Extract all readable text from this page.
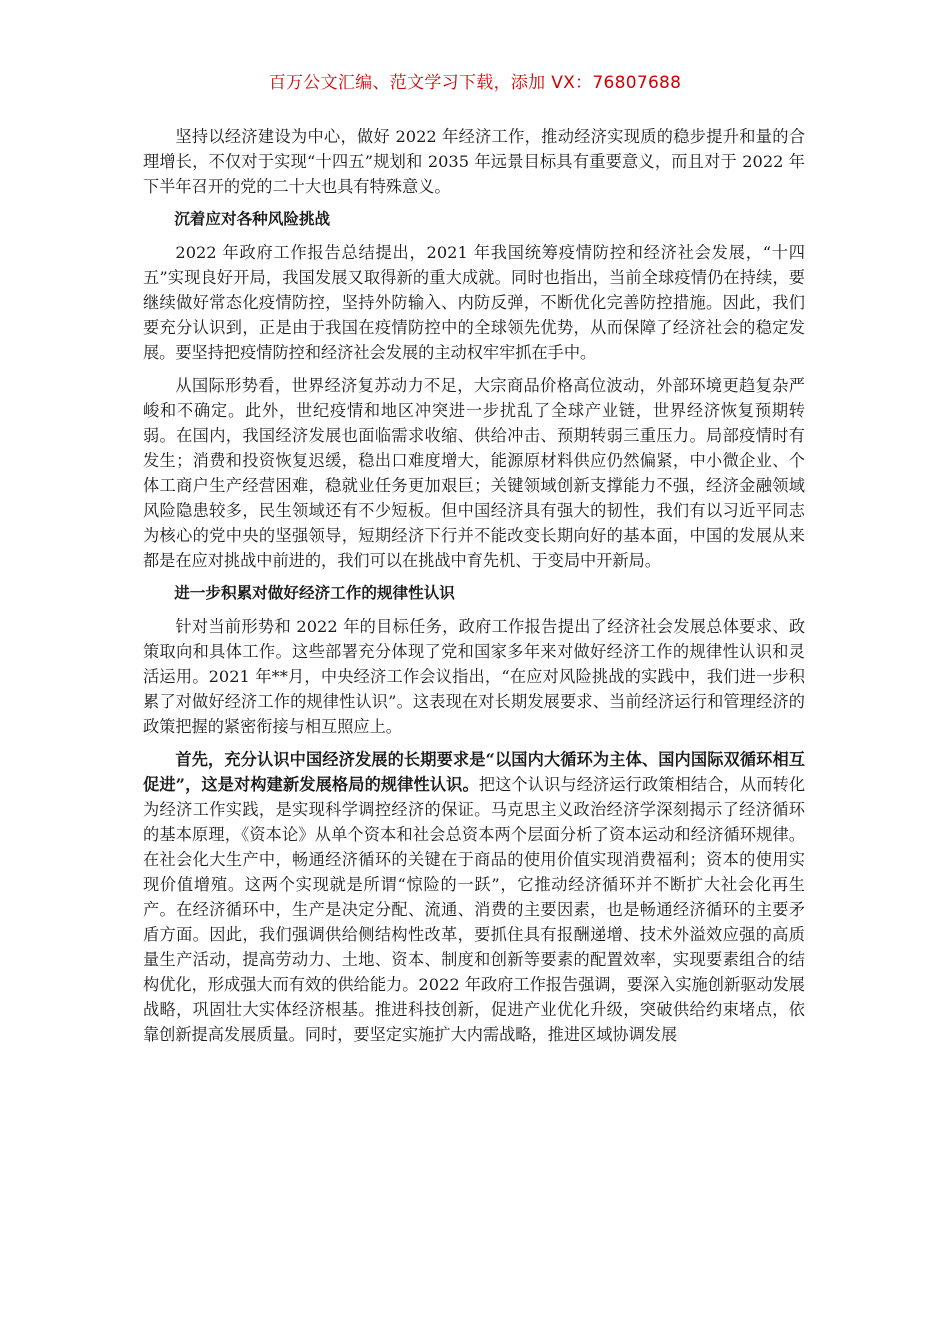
百万公文汇编、范文学习下载，添加 VX：76807688

坚持以经济建设为中心，做好 2022 年经济工作，推动经济实现质的稳步提升和量的合理增长，不仅对于实现“十四五”规划和 2035 年远景目标具有重要意义，而且对于 2022 年下半年召开的党的二十大也具有特殊意义。

沉着应对各种风险挑战

2022 年政府工作报告总结提出，2021 年我国统筹疫情防控和经济社会发展，“十四五”实现良好开局，我国发展又取得新的重大成就。同时也指出，当前全球疫情仍在持续，要继续做好常态化疫情防控，坚持外防输入、内防反弹，不断优化完善防控措施。因此，我们要充分认识到，正是由于我国在疫情防控中的全球领先优势，从而保障了经济社会的稳定发展。要坚持把疫情防控和经济社会发展的主动权牢牢抓在手中。

从国际形势看，世界经济复苏动力不足，大宗商品价格高位波动，外部环境更趋复杂严峻和不确定。此外，世纪疫情和地区冲突进一步扰乱了全球产业链，世界经济恢复预期转弱。在国内，我国经济发展也面临需求收缩、供给冲击、预期转弱三重压力。局部疫情时有发生；消费和投资恢复迟缓，稳出口难度增大，能源原材料供应仍然偏紧，中小微企业、个体工商户生产经营困难，稳就业任务更加艰巨；关键领域创新支撑能力不强，经济金融领域风险隐患较多，民生领域还有不少短板。但中国经济具有强大的韧性，我们有以习近平同志为核心的党中央的坚强领导，短期经济下行并不能改变长期向好的基本面，中国的发展从来都是在应对挑战中前进的，我们可以在挑战中育先机、于变局中开新局。

进一步积累对做好经济工作的规律性认识

针对当前形势和 2022 年的目标任务，政府工作报告提出了经济社会发展总体要求、政策取向和具体工作。这些部署充分体现了党和国家多年来对做好经济工作的规律性认识和灵活运用。2021 年**月，中央经济工作会议指出，“在应对风险挑战的实践中，我们进一步积累了对做好经济工作的规律性认识”。这表现在对长期发展要求、当前经济运行和管理经济的政策把握的紧密衔接与相互照应上。

首先，充分认识中国经济发展的长期要求是“以国内大循环为主体、国内国际双循环相互促进”，这是对构建新发展格局的规律性认识。把这个认识与经济运行政策相结合，从而转化为经济工作实践，是实现科学调控经济的保证。马克思主义政治经济学深刻揭示了经济循环的基本原理，《资本论》从单个资本和社会总资本两个层面分析了资本运动和经济循环规律。在社会化大生产中，畅通经济循环的关键在于商品的使用价值实现消费福利；资本的使用实现价值增殖。这两个实现就是所谓“惊险的一跃”，它推动经济循环并不断扩大社会化再生产。在经济循环中，生产是决定分配、流通、消费的主要因素，也是畅通经济循环的主要矛盾方面。因此，我们强调供给侧结构性改革，要抓住具有报酬递增、技术外溢效应强的高质量生产活动，提高劳动力、土地、资本、制度和创新等要素的配置效率，实现要素组合的结构优化，形成强大而有效的供给能力。2022 年政府工作报告强调，要深入实施创新驱动发展战略，巩固壮大实体经济根基。推进科技创新，促进产业优化升级，突破供给约束堵点，依靠创新提高发展质量。同时，要坚定实施扩大内需战略，推进区域协调发展
